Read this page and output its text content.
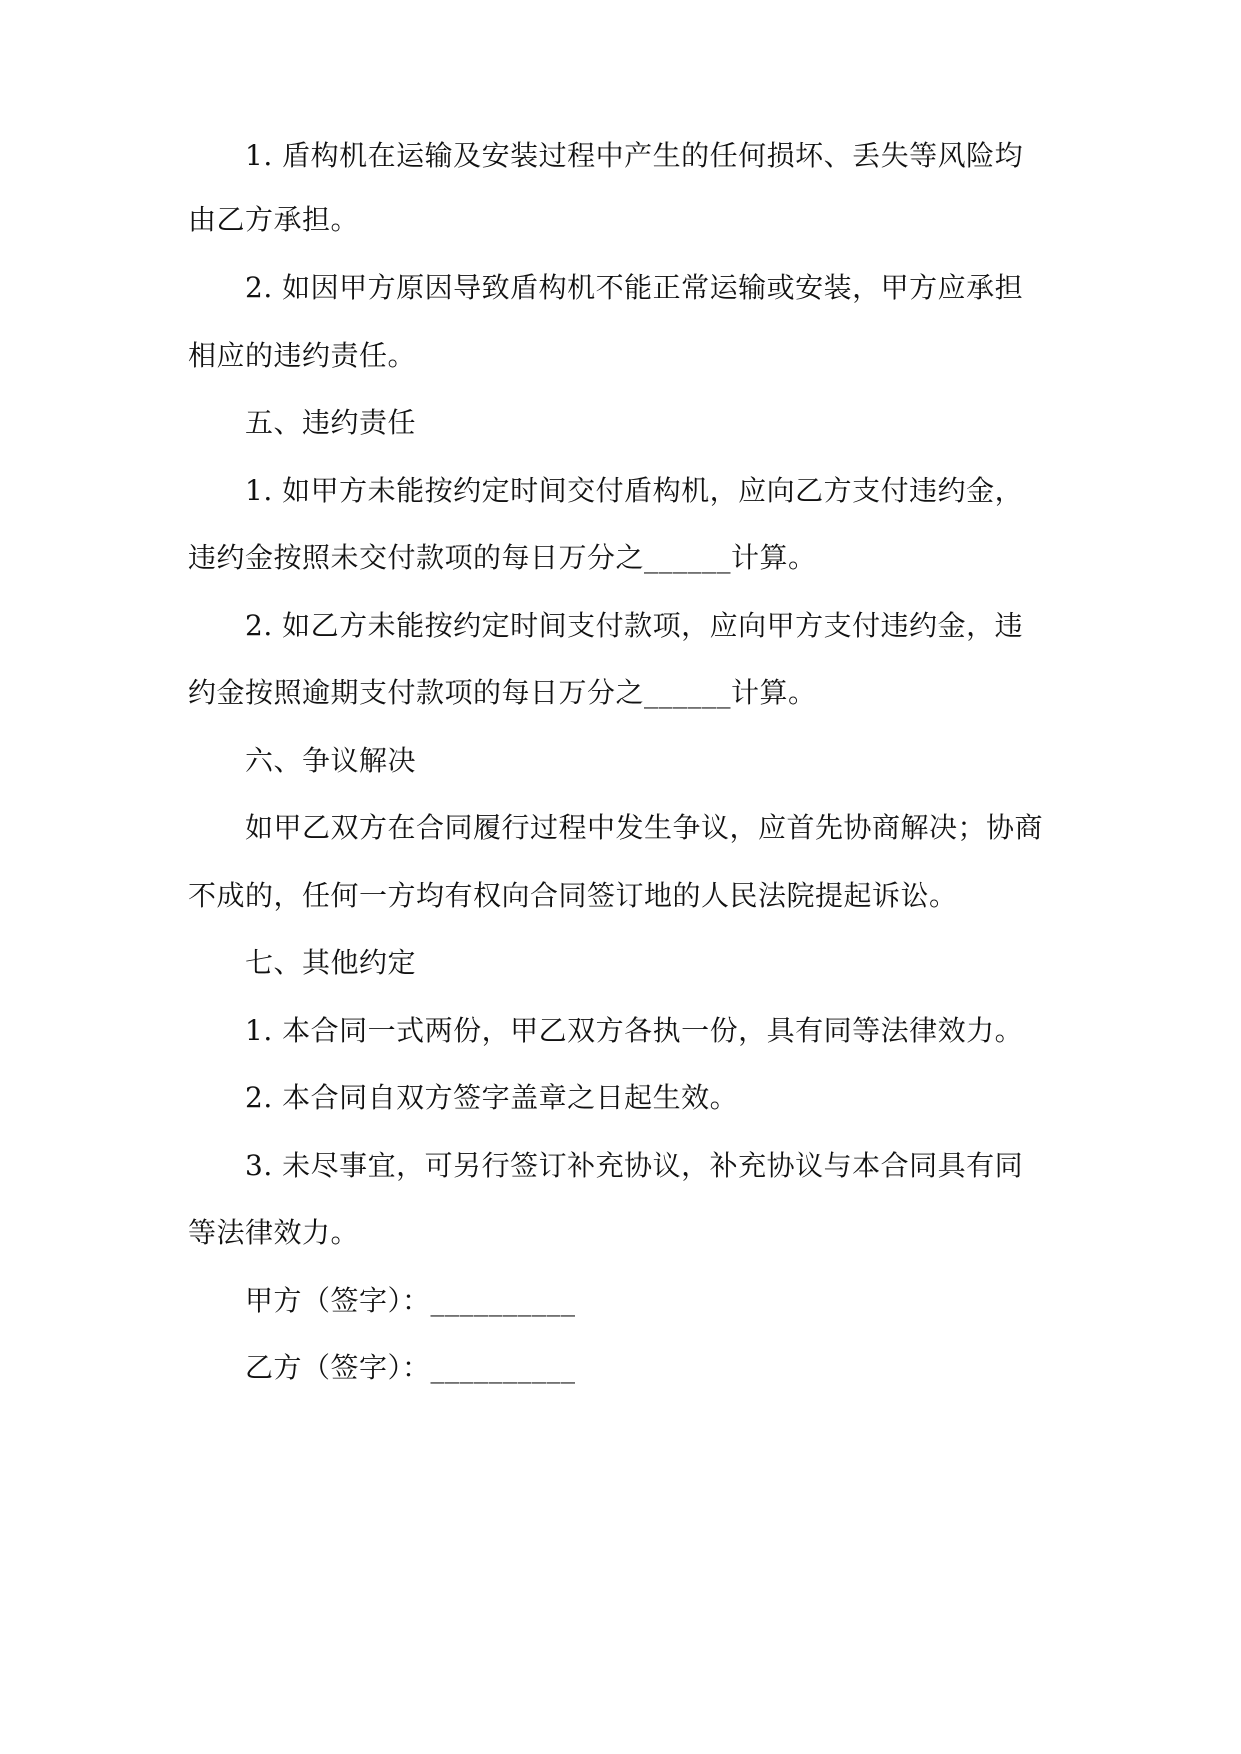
1. 盾构机在运输及安装过程中产生的任何损坏、丢失等风险均
由乙方承担。
2. 如因甲方原因导致盾构机不能正常运输或安装，甲方应承担
相应的违约责任。
五、违约责任
1. 如甲方未能按约定时间交付盾构机，应向乙方支付违约金，
违约金按照未交付款项的每日万分之______计算。
2. 如乙方未能按约定时间支付款项，应向甲方支付违约金，违
约金按照逾期支付款项的每日万分之______计算。
六、争议解决
如甲乙双方在合同履行过程中发生争议，应首先协商解决；协商
不成的，任何一方均有权向合同签订地的人民法院提起诉讼。
七、其他约定
1. 本合同一式两份，甲乙双方各执一份，具有同等法律效力。
2. 本合同自双方签字盖章之日起生效。
3. 未尽事宜，可另行签订补充协议，补充协议与本合同具有同
等法律效力。
甲方（签字）：__________
乙方（签字）：__________
